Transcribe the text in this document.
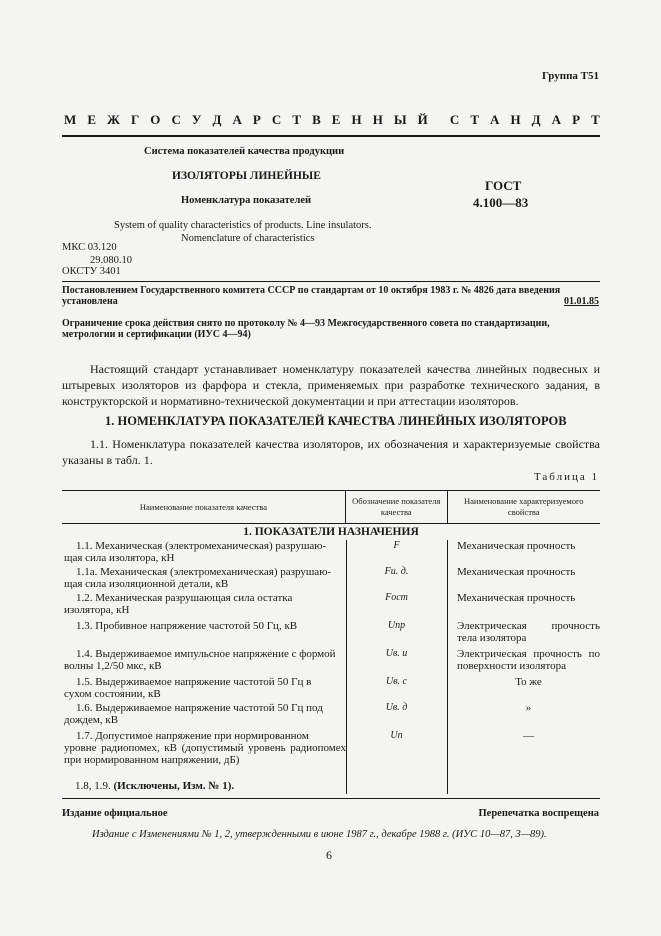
Группа Т51
М Е Ж Г О С У Д А Р С Т В Е Н Н Ы Й С Т А Н Д А Р Т
Система показателей качества продукции
ИЗОЛЯТОРЫ ЛИНЕЙНЫЕ
Номенклатура показателей
ГОСТ
4.100—83
System of quality characteristics of products. Line insulators.
Nomenclature of characteristics
МКС 03.120
29.080.10
ОКСТУ 3401
Постановлением Государственного комитета СССР по стандартам от 10 октября 1983 г. № 4826 дата введения
установлена	01.01.85
Ограничение срока действия снято по протоколу № 4—93 Межгосударственного совета по стандартизации,
метрологии и сертификации (ИУС 4—94)
Настоящий стандарт устанавливает номенклатуру показателей качества линейных подвесных и штыревых изоляторов из фарфора и стекла, применяемых при разработке технического задания, в конструкторской и нормативно-технической документации и при аттестации изоляторов.
1. НОМЕНКЛАТУРА ПОКАЗАТЕЛЕЙ КАЧЕСТВА ЛИНЕЙНЫХ ИЗОЛЯТОРОВ
1.1. Номенклатура показателей качества изоляторов, их обозначения и характеризуемые свойства указаны в табл. 1.
Таблица 1
Наименование показателя качества
Обозначение показателя качества
Наименование характеризуемого свойства
1. ПОКАЗАТЕЛИ НАЗНАЧЕНИЯ
1.1. Механическая (электромеханическая) разрушаю-
щая сила изолятора, кН
F	Механическая прочность
1.1а. Механическая (электромеханическая) разрушаю-
щая сила изоляционной детали, кВ
Fи. д.	Механическая прочность
1.2. Механическая разрушающая сила остатка
изолятора, кН
Fост	Механическая прочность
1.3. Пробивное напряжение частотой 50 Гц, кВ	Uпр	Электрическая прочность тела изолятора
1.4. Выдерживаемое импульсное напряжение с формой
волны 1,2/50 мкс, кВ
Uв. и	Электрическая прочность по поверхности изолятора
1.5. Выдерживаемое напряжение частотой 50 Гц в
сухом состоянии, кВ
Uв. с	То же
1.6. Выдерживаемое напряжение частотой 50 Гц под
дождем, кВ
Uв. д	»
1.7. Допустимое напряжение при нормированном
уровне радиопомех, кВ (допустимый уровень радиопомех при нормированном напряжении, дБ)
Uп	—
1.8, 1.9. (Исключены, Изм. № 1).
Издание официальное	Перепечатка воспрещена
Издание с Изменениями № 1, 2, утвержденными в июне 1987 г., декабре 1988 г. (ИУС 10—87, 3—89).
6
